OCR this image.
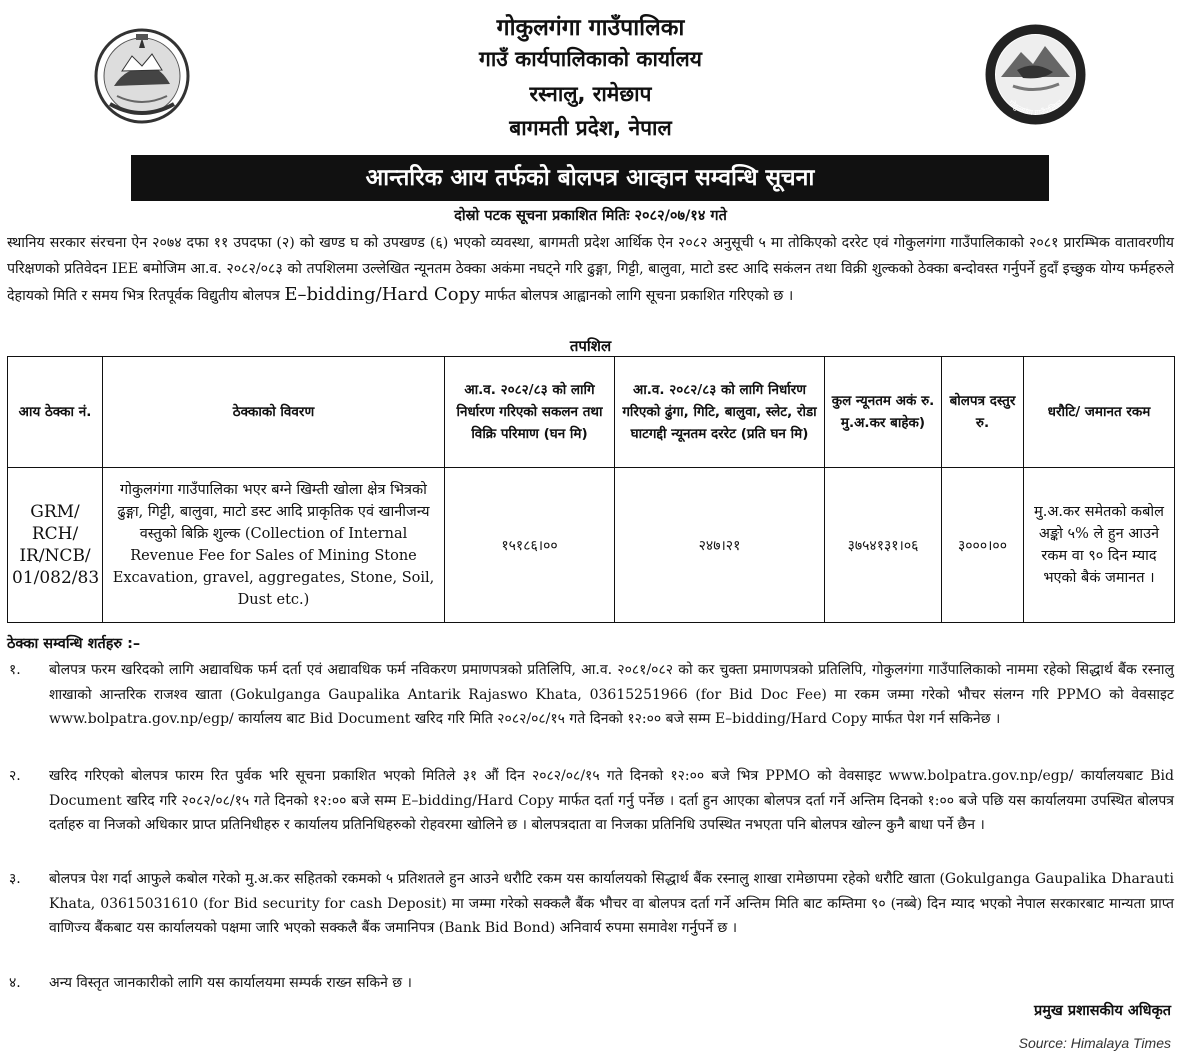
गोकुलगंगा गाउँपालिका
गाउँ कार्यपालिकाको कार्यालय
रस्नालु, रामेछाप
बागमती प्रदेश, नेपाल
गोकुलगंगा गाउँपालिका
आन्तरिक आय तर्फको बोलपत्र आव्हान सम्वन्धि सूचना
दोस्रो पटक सूचना प्रकाशित मितिः २०८२/०७/१४ गते
स्थानिय सरकार संरचना ऐन २०७४ दफा ११ उपदफा (२) को खण्ड घ को उपखण्ड (६) भएको व्यवस्था, बागमती प्रदेश आर्थिक ऐन २०८२ अनुसूची ५ मा तोकिएको दररेट एवं गोकुलगंगा गाउँपालिकाको २०८१ प्रारम्भिक वातावरणीय परिक्षणको प्रतिवेदन IEE बमोजिम आ.व. २०८२/०८३ को तपशिलमा उल्लेखित न्यूनतम ठेक्का अकंमा नघट्ने गरि ढुङ्गा, गिट्टी, बालुवा, माटो डस्ट आदि सकंलन तथा विक्री शुल्कको ठेक्का बन्दोवस्त गर्नुपर्ने हुदाँ इच्छुक योग्य फर्महरुले देहायको मिति र समय भित्र रितपूर्वक विद्युतीय बोलपत्र E–bidding/Hard Copy मार्फत बोलपत्र आह्वानको लागि सूचना प्रकाशित गरिएको छ ।
तपशिल
आय ठेक्का नं.	ठेक्काको विवरण	आ.व. २०८२/८३ को लागि निर्धारण गरिएको सकलन तथा विक्रि परिमाण (घन मि)	आ.व. २०८२/८३ को लागि निर्धारण गरिएको ढुंगा, गिटि, बालुवा, स्लेट, रोडा घाटगद्दी न्यूनतम दररेट (प्रति घन मि)	कुल न्यूनतम अकं रु. मु.अ.कर बाहेक)	बोलपत्र दस्तुर रु.	धरौटि/ जमानत रकम
GRM/ RCH/ IR/NCB/ 01/082/83	गोकुलगंगा गाउँपालिका भएर बग्ने खिम्ती खोला क्षेत्र भित्रको ढुङ्गा, गिट्टी, बालुवा, माटो डस्ट आदि प्राकृतिक एवं खानीजन्य वस्तुको बिक्रि शुल्क (Collection of Internal Revenue Fee for Sales of Mining Stone Excavation, gravel, aggregates, Stone, Soil, Dust etc.)	१५१८६।००	२४७।२१	३७५४१३१।०६	३०००।००	मु.अ.कर समेतको कबोल अङ्को ५% ले हुन आउने रकम वा ९० दिन म्याद भएको बैकं जमानत ।
ठेक्का सम्वन्धि शर्तहरु :–
१.	बोलपत्र फरम खरिदको लागि अद्यावधिक फर्म दर्ता एवं अद्यावधिक फर्म नविकरण प्रमाणपत्रको प्रतिलिपि, आ.व. २०८१/०८२ को कर चुक्ता प्रमाणपत्रको प्रतिलिपि, गोकुलगंगा गाउँपालिकाको नाममा रहेको सिद्धार्थ बैंक रस्नालु शाखाको आन्तरिक राजश्व खाता (Gokulganga Gaupalika Antarik Rajaswo Khata, 03615251966 (for Bid Doc Fee) मा रकम जम्मा गरेको भौचर संलग्न गरि PPMO को वेवसाइट www.bolpatra.gov.np/egp/ कार्यालय बाट Bid Document खरिद गरि मिति २०८२/०८/१५ गते दिनको १२:०० बजे सम्म E–bidding/Hard Copy मार्फत पेश गर्न सकिनेछ ।
२.	खरिद गरिएको बोलपत्र फारम रित पुर्वक भरि सूचना प्रकाशित भएको मितिले ३१ औं दिन २०८२/०८/१५ गते दिनको १२:०० बजे भित्र PPMO को वेवसाइट www.bolpatra.gov.np/egp/ कार्यालयबाट Bid Document खरिद गरि २०८२/०८/१५ गते दिनको १२:०० बजे सम्म E–bidding/Hard Copy मार्फत दर्ता गर्नु पर्नेछ । दर्ता हुन आएका बोलपत्र दर्ता गर्ने अन्तिम दिनको १:०० बजे पछि यस कार्यालयमा उपस्थित बोलपत्र दर्ताहरु वा निजको अधिकार प्राप्त प्रतिनिधीहरु र कार्यालय प्रतिनिधिहरुको रोहवरमा खोलिने छ । बोलपत्रदाता वा निजका प्रतिनिधि उपस्थित नभएता पनि बोलपत्र खोल्न कुनै बाधा पर्ने छैन ।
३.	बोलपत्र पेश गर्दा आफुले कबोल गरेको मु.अ.कर सहितको रकमको ५ प्रतिशतले हुन आउने धरौटि रकम यस कार्यालयको सिद्धार्थ बैंक रस्नालु शाखा रामेछापमा रहेको धरौटि खाता (Gokulganga Gaupalika Dharauti Khata, 03615031610 (for Bid security for cash Deposit) मा जम्मा गरेको सक्कलै बैंक भौचर वा बोलपत्र दर्ता गर्ने अन्तिम मिति बाट कम्तिमा ९० (नब्बे) दिन म्याद भएको नेपाल सरकारबाट मान्यता प्राप्त वाणिज्य बैंकबाट यस कार्यालयको पक्षमा जारि भएको सक्कलै बैंक जमानिपत्र (Bank Bid Bond) अनिवार्य रुपमा समावेश गर्नुपर्ने छ ।
४.	अन्य विस्तृत जानकारीको लागि यस कार्यालयमा सम्पर्क राख्न सकिने छ ।
प्रमुख प्रशासकीय अधिकृत
Source: Himalaya Times
